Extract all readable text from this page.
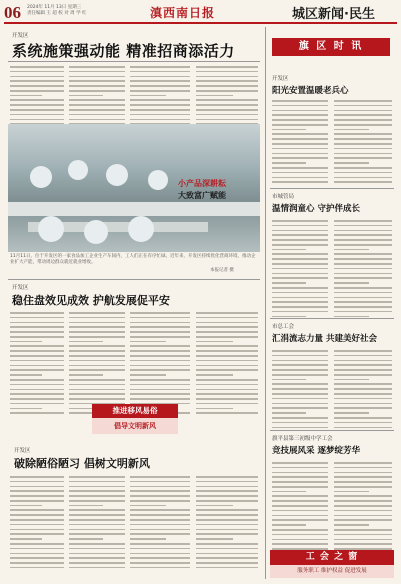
06 2024年 11月 13日 星期三
责任编辑 王 超 校 对 周 学 红	滇西南日报	城区新闻·民生
开发区
系统施策强动能 精准招商添活力
小产品深耕耘
大致富广赋能
11月11日，位于开发区的一家食品加工企业生产车间内，工人们正在有序忙碌。近年来，开发区持续优化营商环境，推动企业扩大产能，带动周边群众就近就业增收。
本报记者 摄
开发区
稳住盘效见成效 护航发展促平安
推进移风易俗
倡导文明新风
开发区
破除陋俗陋习 倡树文明新风
旗 区 时 讯
开发区
阳光安置温暖老兵心
市城管局
温情润童心 守护伴成长
市总工会
汇涓流志力量 共建美好社会
旗平县第三初级中学工会
竞技展风采 逐梦绽芳华
工 会 之 窗
服务职工 维护权益 促进发展
